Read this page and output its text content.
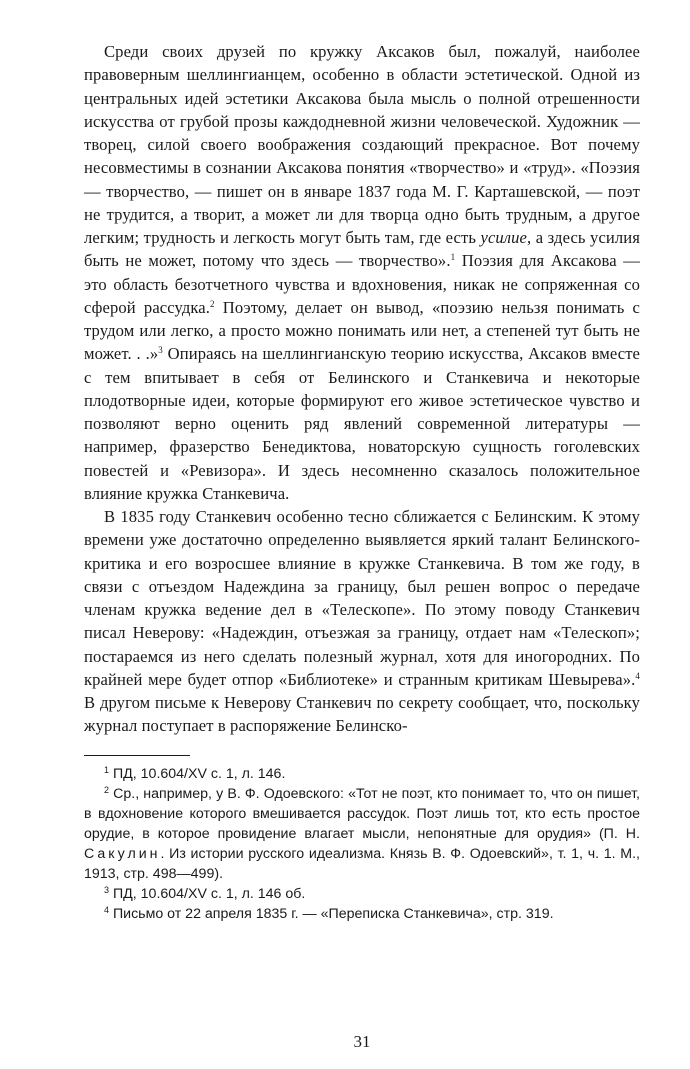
Среди своих друзей по кружку Аксаков был, пожалуй, наиболее правоверным шеллингианцем, особенно в области эстетической. Одной из центральных идей эстетики Аксакова была мысль о полной отрешенности искусства от грубой прозы каждодневной жизни человеческой. Художник — творец, силой своего воображения создающий прекрасное. Вот почему несовместимы в сознании Аксакова понятия «творчество» и «труд». «Поэзия — творчество, — пишет он в январе 1837 года М. Г. Карташевской, — поэт не трудится, а творит, а может ли для творца одно быть трудным, а другое легким; трудность и легкость могут быть там, где есть усилие, а здесь усилия быть не может, потому что здесь — творчество».$^1$ Поэзия для Аксакова — это область безотчетного чувства и вдохновения, никак не сопряженная со сферой рассудка.$^2$ Поэтому, делает он вывод, «поэзию нельзя понимать с трудом или легко, а просто можно понимать или нет, а степеней тут быть не может. . .»$^3$ Опираясь на шеллингианскую теорию искусства, Аксаков вместе с тем впитывает в себя от Белинского и Станкевича и некоторые плодотворные идеи, которые формируют его живое эстетическое чувство и позволяют верно оценить ряд явлений современной литературы — например, фразерство Бенедиктова, новаторскую сущность гоголевских повестей и «Ревизора». И здесь несомненно сказалось положительное влияние кружка Станкевича.

В 1835 году Станкевич особенно тесно сближается с Белинским. К этому времени уже достаточно определенно выявляется яркий талант Белинского-критика и его возросшее влияние в кружке Станкевича. В том же году, в связи с отъездом Надеждина за границу, был решен вопрос о передаче членам кружка ведение дел в «Телескопе». По этому поводу Станкевич писал Неверову: «Надеждин, отъезжая за границу, отдает нам «Телескоп»; постараемся из него сделать полезный журнал, хотя для иногородних. По крайней мере будет отпор «Библиотеке» и странным критикам Шевырева».$^4$ В другом письме к Неверову Станкевич по секрету сообщает, что, поскольку журнал поступает в распоряжение Белинско-

$^1$ ПД, 10.604/XV с. 1, л. 146.

$^2$ Ср., например, у В. Ф. Одоевского: «Тот не поэт, кто понимает то, что он пишет, в вдохновение которого вмешивается рассудок. Поэт лишь тот, кто есть простое орудие, в которое провидение влагает мысли, непонятные для орудия» (П. Н. Сакулин. Из истории русского идеализма. Князь В. Ф. Одоевский», т. 1, ч. 1. М., 1913, стр. 498—499).

$^3$ ПД, 10.604/XV с. 1, л. 146 об.

$^4$ Письмо от 22 апреля 1835 г. — «Переписка Станкевича», стр. 319.

31
